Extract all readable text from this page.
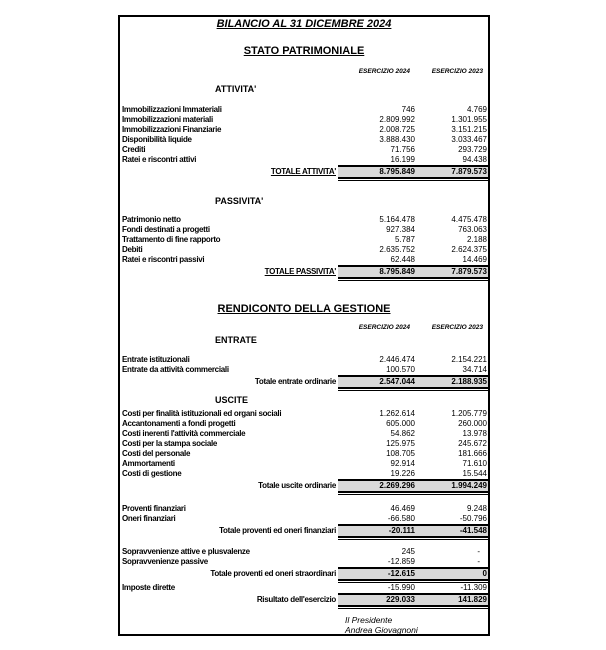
BILANCIO AL 31 DICEMBRE 2024
STATO PATRIMONIALE
ESERCIZIO 2024	ESERCIZIO 2023
ATTIVITA'
Immobilizzazioni Immateriali	746	4.769
Immobilizzazioni materiali	2.809.992	1.301.955
Immobilizzazioni Finanziarie	2.008.725	3.151.215
Disponibilità liquide	3.888.430	3.033.467
Crediti	71.756	293.729
Ratei e riscontri attivi	16.199	94.438
TOTALE ATTIVITA'	8.795.849	7.879.573
PASSIVITA'
Patrimonio netto	5.164.478	4.475.478
Fondi destinati a progetti	927.384	763.063
Trattamento di fine rapporto	5.787	2.188
Debiti	2.635.752	2.624.375
Ratei e riscontri passivi	62.448	14.469
TOTALE PASSIVITA'	8.795.849	7.879.573
RENDICONTO DELLA GESTIONE
ESERCIZIO 2024	ESERCIZIO 2023
ENTRATE
Entrate istituzionali	2.446.474	2.154.221
Entrate da attività commerciali	100.570	34.714
Totale entrate ordinarie	2.547.044	2.188.935
USCITE
Costi per finalità istituzionali ed organi sociali	1.262.614	1.205.779
Accantonamenti a fondi progetti	605.000	260.000
Costi inerenti l'attività commerciale	54.862	13.978
Costi per la stampa sociale	125.975	245.672
Costi del personale	108.705	181.666
Ammortamenti	92.914	71.610
Costi di gestione	19.226	15.544
Totale uscite ordinarie	2.269.296	1.994.249
Proventi finanziari	46.469	9.248
Oneri finanziari	-66.580	-50.796
Totale proventi ed oneri finanziari	-20.111	-41.548
Sopravvenienze attive e plusvalenze	245	-
Sopravvenienze passive	-12.859	-
Totale proventi ed oneri straordinari	-12.615	0
Imposte dirette	-15.990	-11.309
Risultato dell'esercizio	229.033	141.829
Il Presidente
Andrea Giovagnoni
